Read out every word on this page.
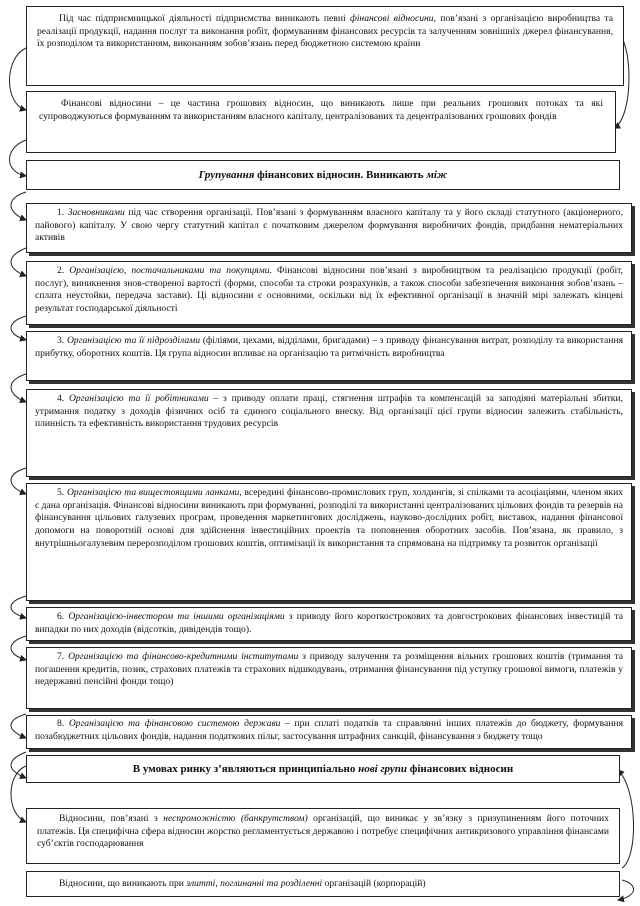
Під час підприємницької діяльності підприємства виникають певні фінансові відносини, пов’язані з організацією виробництва та реалізації продукції, надання послуг та виконання робіт, формуванням фінансових ресурсів та залученням зовнішніх джерел фінансування, їх розподілом та використанням, виконанням зобов’язань перед бюджетною системою країни

Фінансові відносини – це частина грошових відносин, що виникають лише при реальних грошових потоках та які супроводжуються формуванням та використанням власного капіталу, централізованих та децентралізованих грошових фондів

Групування фінансових відносин. Виникають між

1. Засновниками під час створення організації. Пов’язані з формуванням власного капіталу та у його складі статутного (акціонерного, пайового) капіталу. У свою чергу статутний капітал є початковим джерелом формування виробничих фондів, придбання нематеріальних активів

2. Організацією, постачальниками та покупцями. Фінансові відносини пов’язані з виробництвом та реалізацією продукції (робіт, послуг), виникнення знов-створеної вартості (форми, способи та строки розрахунків, а також способи забезпечення виконання зобов’язань – сплата неустойки, передача застави). Ці відносини є основними, оскільки від їх ефективної організації в значній мірі залежать кінцеві результат господарської діяльності

3. Організацією та її підрозділами (філіями, цехами, відділами, бригадами) – з приводу фінансування витрат, розподілу та використання прибутку, оборотних коштів. Ця група відносин впливає на організацію та ритмічність виробництва

4. Організацією та її робітниками – з приводу оплати праці, стягнення штрафів та компенсацій за заподіяні матеріальні збитки, утримання податку з доходів фізичних осіб та єдиного соціального внеску. Від організації цієї групи відносин залежить стабільність, плинність та ефективність використання трудових ресурсів

5. Організацією та вищестоящими ланками, всередині фінансово-промислових груп, холдингів, зі спілками та асоціаціями, членом яких є дана організація. Фінансові відносини виникають при формуванні, розподілі та використанні централізованих цільових фондів та резервів на фінансування цільових галузевих програм, проведення маркетингових досліджень, науково-дослідних робіт, виставок, надання фінансової допомоги на поворотній основі для здійснення інвестиційних проектів та поповнення оборотних засобів. Пов’язана, як правило, з внутрішньогалузевим перерозподілом грошових коштів, оптимізації їх використання та спрямована на підтримку та розвиток організації

6. Організацією-інвестором та іншими організаціями з приводу його короткострокових та довгострокових фінансових інвестицій та випадки по них доходів (відсотків, дивідендів тощо).

7. Організацією та фінансово-кредитними інститутами з приводу залучення та розміщення вільних грошових коштів (тримання та погашення кредитів, позик, страхових платежів та страхових відшкодувань, отримання фінансування під уступку грошової вимоги, платежів у недержавні пенсійні фонди тощо)

8. Організацією та фінансовою системою держави – при сплаті податків та справлянні інших платежів до бюджету, формування позабюджетних цільових фондів, надання податкових пільг, застосування штрафних санкцій, фінансування з бюджету тощо

В умовах ринку з’являються принципіально нові групи фінансових відносин

Відносини, пов’язані з неспроможністю (банкрутством) організацій, що виникає у зв’язку з призупиненням його поточних платежів. Ця специфічна сфера відносин жорстко регламентується державою і потребує специфічних антикризового управління фінансами суб’єктів господарювання

Відносини, що виникають при злитті, поглинанні та розділенні організацій (корпорацій)
